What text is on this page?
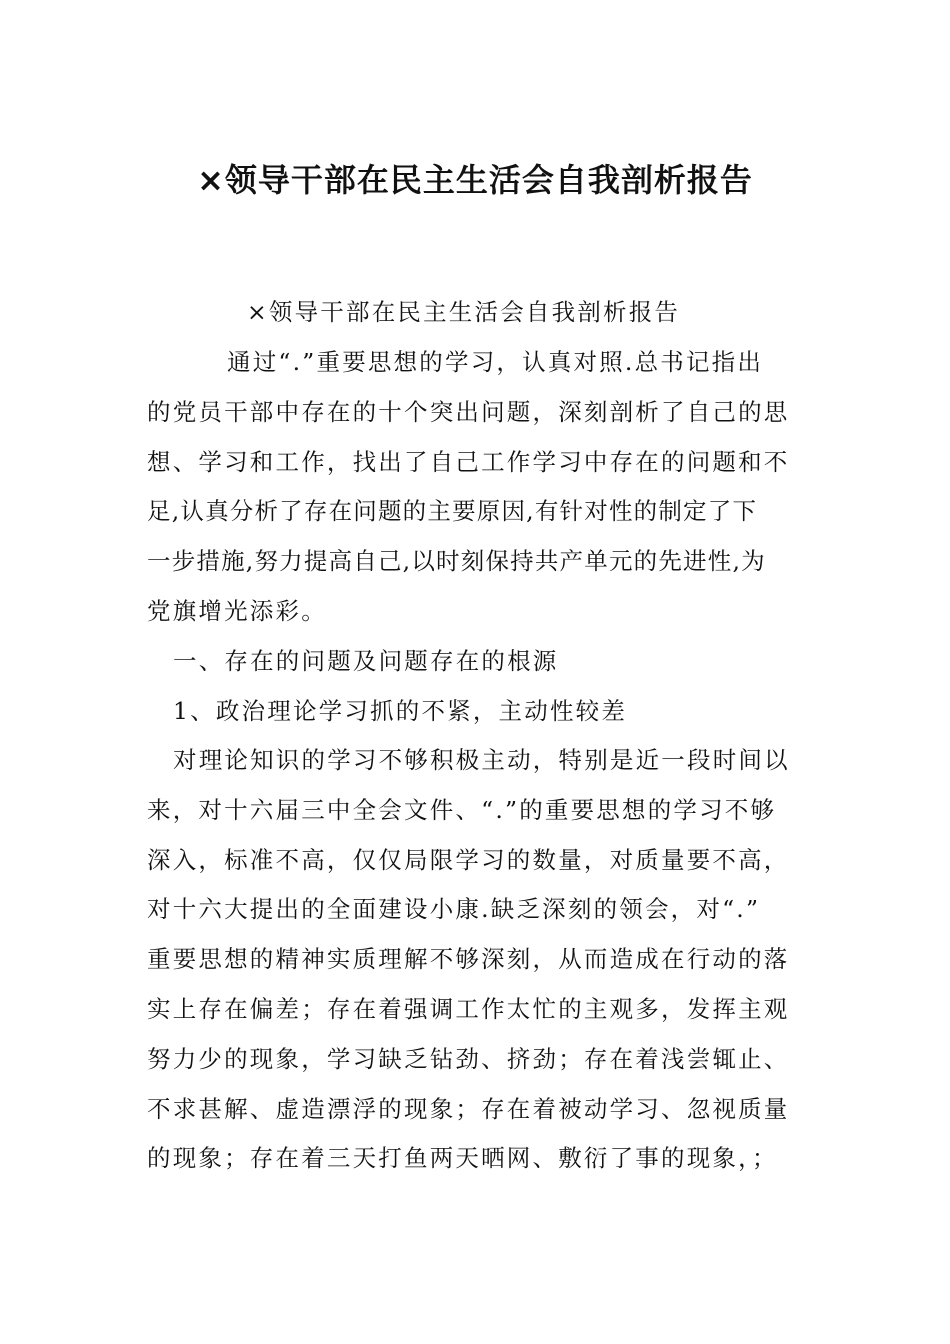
×领导干部在民主生活会自我剖析报告
×领导干部在民主生活会自我剖析报告
通过“.”重要思想的学习，认真对照.总书记指出
的党员干部中存在的十个突出问题，深刻剖析了自己的思
想、学习和工作，找出了自己工作学习中存在的问题和不
足,认真分析了存在问题的主要原因,有针对性的制定了下
一步措施,努力提高自己,以时刻保持共产单元的先进性,为
党旗增光添彩。
一、存在的问题及问题存在的根源
1、政治理论学习抓的不紧，主动性较差
对理论知识的学习不够积极主动，特别是近一段时间以
来，对十六届三中全会文件、“.”的重要思想的学习不够
深入，标准不高，仅仅局限学习的数量，对质量要不高，
对十六大提出的全面建设小康.缺乏深刻的领会，对“.”
重要思想的精神实质理解不够深刻，从而造成在行动的落
实上存在偏差；存在着强调工作太忙的主观多，发挥主观
努力少的现象，学习缺乏钻劲、挤劲；存在着浅尝辄止、
不求甚解、虚造漂浮的现象；存在着被动学习、忽视质量
的现象；存在着三天打鱼两天晒网、敷衍了事的现象，；
